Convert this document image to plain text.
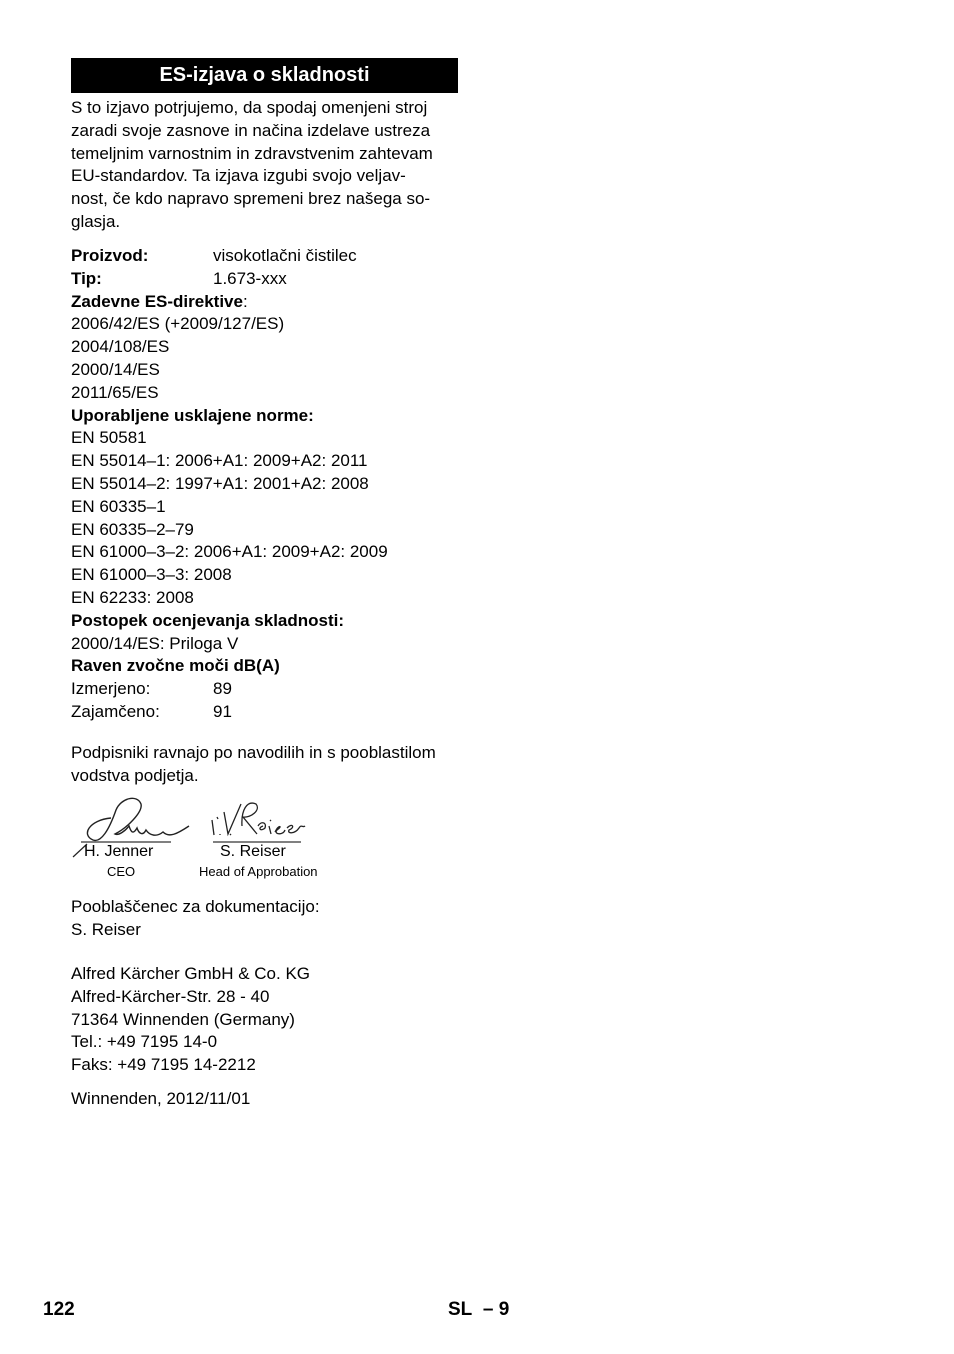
ES-izjava o skladnosti
S to izjavo potrjujemo, da spodaj omenjeni stroj
zaradi svoje zasnove in načina izdelave ustreza
temeljnim varnostnim in zdravstvenim zahtevam
EU-standardov. Ta izjava izgubi svojo veljav-
nost, če kdo napravo spremeni brez našega so-
glasja.
Proizvod:	visokotlačni čistilec
Tip:	1.673-xxx
Zadevne ES-direktive:
2006/42/ES (+2009/127/ES)
2004/108/ES
2000/14/ES
2011/65/ES
Uporabljene usklajene norme:
EN 50581
EN 55014–1: 2006+A1: 2009+A2: 2011
EN 55014–2: 1997+A1: 2001+A2: 2008
EN 60335–1
EN 60335–2–79
EN 61000–3–2: 2006+A1: 2009+A2: 2009
EN 61000–3–3: 2008
EN 62233: 2008
Postopek ocenjevanja skladnosti:
2000/14/ES: Priloga V
Raven zvočne moči dB(A)
Izmerjeno:	89
Zajamčeno:	91
Podpisniki ravnajo po navodilih in s pooblastilom
vodstva podjetja.
H. Jenner
CEO
S. Reiser
Head of Approbation
Pooblaščenec za dokumentacijo:
S. Reiser
Alfred Kärcher GmbH & Co. KG
Alfred-Kärcher-Str. 28 - 40
71364 Winnenden (Germany)
Tel.: +49 7195 14-0
Faks: +49 7195 14-2212
Winnenden, 2012/11/01
122	SL – 9
